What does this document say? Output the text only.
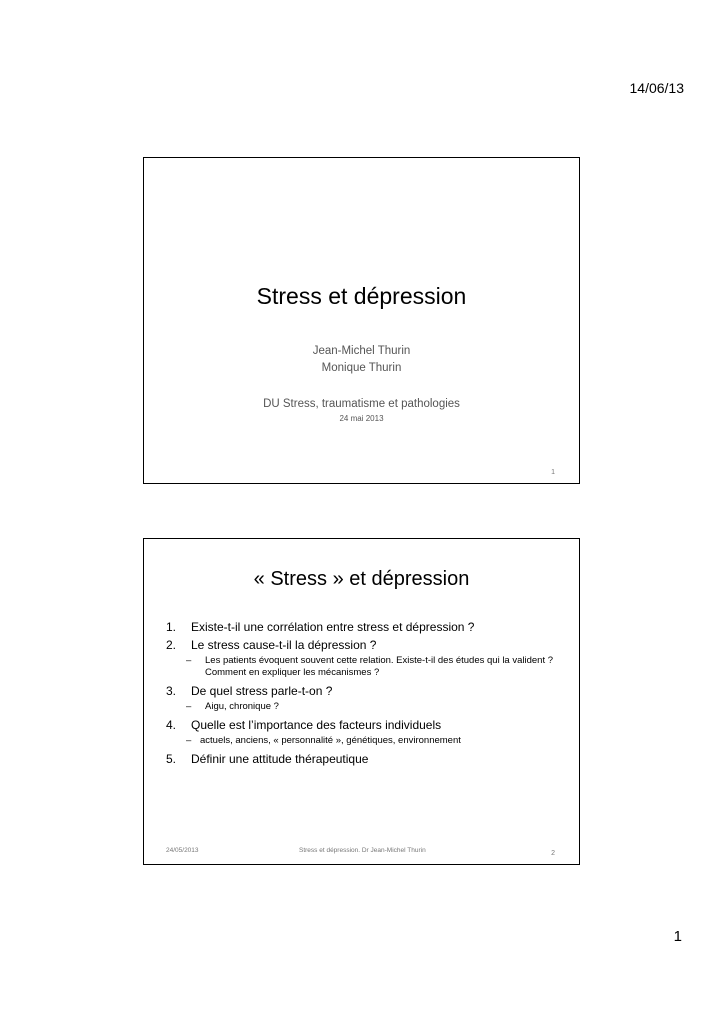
14/06/13
Stress et dépression
Jean-Michel Thurin
Monique Thurin
DU Stress, traumatisme et pathologies
24 mai 2013
1
« Stress » et dépression
1.	Existe-t-il une corrélation entre stress et dépression ?
2.	Le stress cause-t-il la dépression ?
–	Les patients évoquent souvent cette relation. Existe-t-il des études qui la valident ? Comment en expliquer les mécanismes ?
3.	De quel stress parle-t-on ?
–	Aigu, chronique ?
4.	Quelle est l’importance des facteurs individuels
– actuels, anciens, « personnalité », génétiques, environnement
5.	Définir une attitude thérapeutique
24/05/2013	Stress et dépression. Dr Jean-Michel Thurin	2
1
